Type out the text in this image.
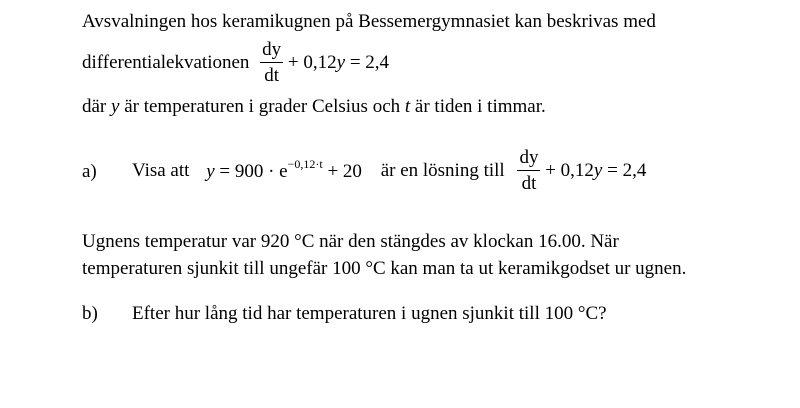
Avsvalningen hos keramikugnen på Bessemergymnasiet kan beskrivas med
differentialekvationen $\frac{dy}{dt} + 0,12y = 2,4$
där y är temperaturen i grader Celsius och t är tiden i timmar.
a) Visa att $y = 900 \cdot e^{-0,12\cdot t} + 20$ är en lösning till $\frac{dy}{dt} + 0,12y = 2,4$
Ugnens temperatur var 920 °C när den stängdes av klockan 16.00. När
temperaturen sjunkit till ungefär 100 °C kan man ta ut keramikgodset ur ugnen.
b) Efter hur lång tid har temperaturen i ugnen sjunkit till 100 °C?
